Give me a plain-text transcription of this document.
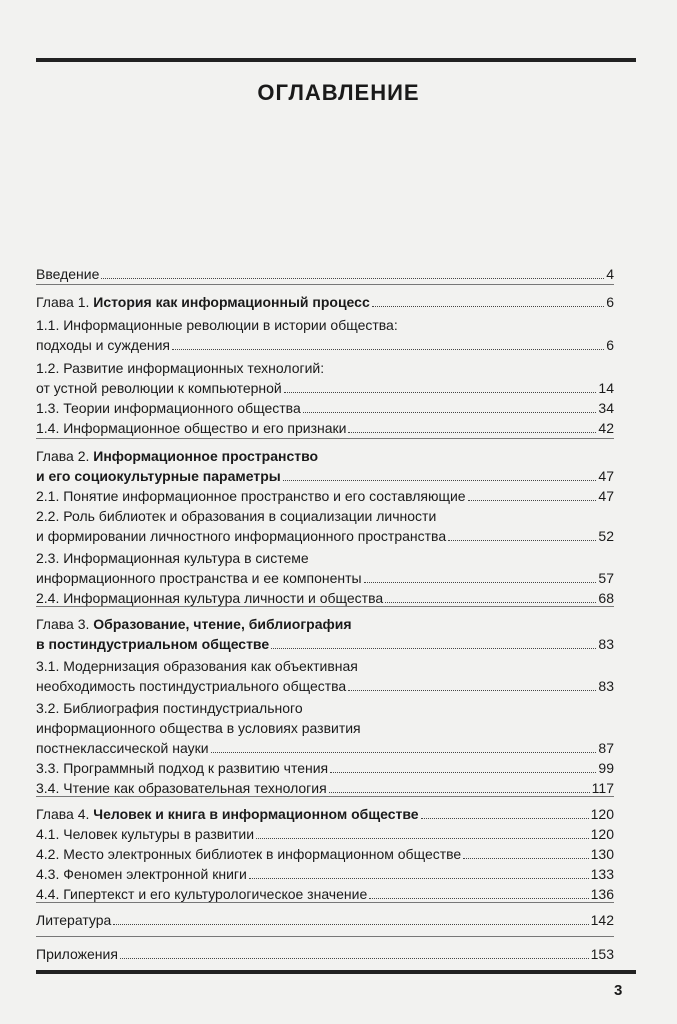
ОГЛАВЛЕНИЕ
Введение	4
Глава 1. История как информационный процесс	6
1.1. Информационные революции в истории общества:
подходы и суждения	6
1.2. Развитие информационных технологий:
от устной революции к компьютерной	14
1.3. Теории информационного общества	34
1.4. Информационное общество и его признаки	42
Глава 2. Информационное пространство
и его социокультурные параметры	47
2.1. Понятие информационное пространство и его составляющие	47
2.2. Роль библиотек и образования в социализации личности
и формировании личностного информационного пространства	52
2.3. Информационная культура в системе
информационного пространства и ее компоненты	57
2.4. Информационная культура личности и общества	68
Глава 3. Образование, чтение, библиография
в постиндустриальном обществе	83
3.1. Модернизация образования как объективная
необходимость постиндустриального общества	83
3.2. Библиография постиндустриального
информационного общества в условиях развития
постнеклассической науки	87
3.3. Программный подход к развитию чтения	99
3.4. Чтение как образовательная технология	117
Глава 4. Человек и книга в информационном обществе	120
4.1. Человек культуры в развитии	120
4.2. Место электронных библиотек в информационном обществе	130
4.3. Феномен электронной книги	133
4.4. Гипертекст и его культурологическое значение	136
Литература	142
Приложения	153
3
